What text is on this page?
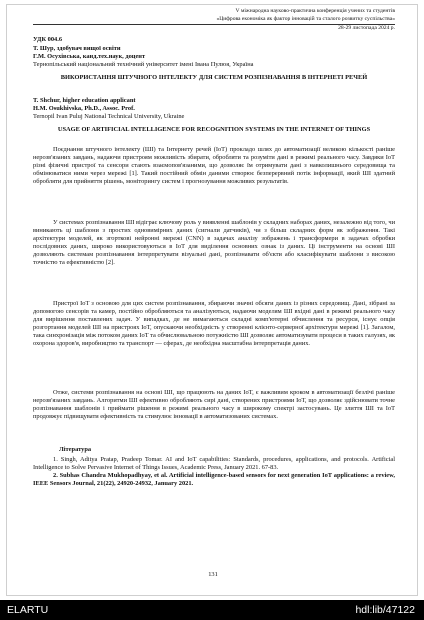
V міжнародна науково-практична конференція учених та студентів
«Цифрова економіка як фактор інновацій та сталого розвитку суспільства»
28-29 листопада 2024 р.
УДК 004.6
Т. Шур, здобувач вищої освіти
Г.М. Осухівська, канд.тех.наук, доцент
Тернопільський національний технічний університет імені Івана Пулюя, Україна
ВИКОРИСТАННЯ ШТУЧНОГО ІНТЕЛЕКТУ ДЛЯ СИСТЕМ РОЗПІЗНАВАННЯ В ІНТЕРНЕТІ РЕЧЕЙ
T. Shchur, higher education applicant
H.M. Osukhivska, Ph.D., Assoc. Prof.
Ternopil Ivan Puluj National Technical University, Ukraine
USAGE OF ARTIFICIAL INTELLIGENCE FOR RECOGNITION SYSTEMS IN THE INTERNET OF THINGS
Поєднання штучного інтелекту (ШІ) та Інтернету речей (IoT) прокладо шлях до автоматизації великою кількості раніше нерозв'язаних завдань, надаючи пристроям можливість збирати, обробляти та розуміти дані в режимі реального часу. Завдяки IoT різні фізичні пристрої та сенсори стають взаємопов'язаними, що дозволяє їм отримувати дані з навколишнього середовища та обмінюватися ними через мережі [1]. Такий постійний обмін даними створює безперервний потік інформації, який ШІ здатний обробляти для прийняття рішень, моніторингу систем і прогнозування можливих результатів.
У системах розпізнавання ШІ відіграє ключову роль у виявленні шаблонів у складних наборах даних, незалежно від того, чи виникають ці шаблони з простих одновимірних даних (сигнали датчиків), чи з більш складних форм як зображення. Такі архітектури моделей, як згорткові нейронні мережі (CNN) в задачах аналізу зображень і трансформери в задачах обробки послідовних даних, широко використовуються в IoT для виділення основних ознак із даних. Ці інструменти на основі ШІ дозволяють системам розпізнавання інтерпретувати візуальні дані, розпізнавати об'єкти або класифікувати шаблони з високою точністю та ефективністю [2].
Пристрої IoT з основою для цих систем розпізнавання, збираючи значні обсяги даних із різних середовищ. Дані, зібрані за допомогою сенсорів та камер, постійно обробляються та аналізуються, надаючи моделям ШІ вхідні дані в режимі реального часу для вирішення поставлених задач. У випадках, де не вимагаються складні комп'ютерні обчислення та ресурси, існує опція розгортання моделей ШІ на пристроях IoT, опускаючи необхідність у створенні клієнто-серверної архітектури мережі [1]. Загалом, така синхронізація між потоком даних IoT та обчислювальною потужністю ШІ дозволяє автоматизувати процеси в таких галузях, як охорона здоров'я, виробництво та транспорт — сферах, де необхідна масштабна інтерпретація даних.
Отже, системи розпізнавання на основі ШІ, що працюють на даних IoT, є важливим кроком в автоматизації безлічі раніше нерозв'язаних завдань. Алгоритми ШІ ефективно обробляють сирі дані, створених пристроями IoT, що дозволяє здійснювати точне розпізнавання шаблонів і приймати рішення в режимі реального часу в широкому спектрі застосувань. Це злиття ШІ та IoT продовжує підвищувати ефективність та стимулює інновації в автоматизованих системах.
Література
1. Singh, Aditya Pratap, Pradeep Tomar. AI and IoT capabilities: Standards, procedures, applications, and protocols. Artificial Intelligence to Solve Pervasive Internet of Things Issues, Academic Press, January 2021. 67-83.
2. Subhas Chandra Mukhopadhyay, et al. Artificial intelligence-based sensors for next generation IoT applications: a review, IEEE Sensors Journal, 21(22), 24920-24932, January 2021.
131
ELARTU	hdl:lib/47122
